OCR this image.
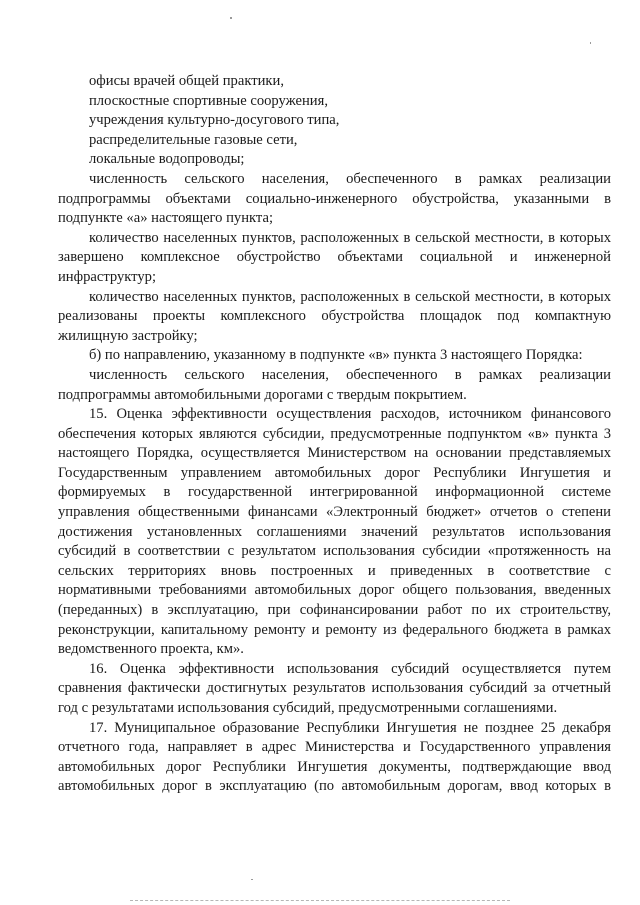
офисы врачей общей практики,

плоскостные спортивные сооружения,

учреждения культурно-досугового типа,

распределительные газовые сети,

локальные водопроводы;

численность сельского населения, обеспеченного в рамках реализации подпрограммы объектами социально-инженерного обустройства, указанными в подпункте «а» настоящего пункта;

количество населенных пунктов, расположенных в сельской местности, в которых завершено комплексное обустройство объектами социальной и инженерной инфраструктур;

количество населенных пунктов, расположенных в сельской местности, в которых реализованы проекты комплексного обустройства площадок под компактную жилищную застройку;

б) по направлению, указанному в подпункте «в» пункта 3 настоящего Порядка:

численность сельского населения, обеспеченного в рамках реализации подпрограммы автомобильными дорогами с твердым покрытием.

15. Оценка эффективности осуществления расходов, источником финансового обеспечения которых являются субсидии, предусмотренные подпунктом «в» пункта 3 настоящего Порядка, осуществляется Министерством на основании представляемых Государственным управлением автомобильных дорог Республики Ингушетия и формируемых в государственной интегрированной информационной системе управления общественными финансами «Электронный бюджет» отчетов о степени достижения установленных соглашениями значений результатов использования субсидий в соответствии с результатом использования субсидии «протяженность на сельских территориях вновь построенных и приведенных в соответствие с нормативными требованиями автомобильных дорог общего пользования, введенных (переданных) в эксплуатацию, при софинансировании работ по их строительству, реконструкции, капитальному ремонту и ремонту из федерального бюджета в рамках ведомственного проекта, км».

16. Оценка эффективности использования субсидий осуществляется путем сравнения фактически достигнутых результатов использования субсидий за отчетный год с результатами использования субсидий, предусмотренными соглашениями.

17. Муниципальное образование Республики Ингушетия не позднее 25 декабря отчетного года, направляет в адрес Министерства и Государственного управления автомобильных дорог Республики Ингушетия документы, подтверждающие ввод автомобильных дорог в эксплуатацию (по автомобильным дорогам, ввод которых в
